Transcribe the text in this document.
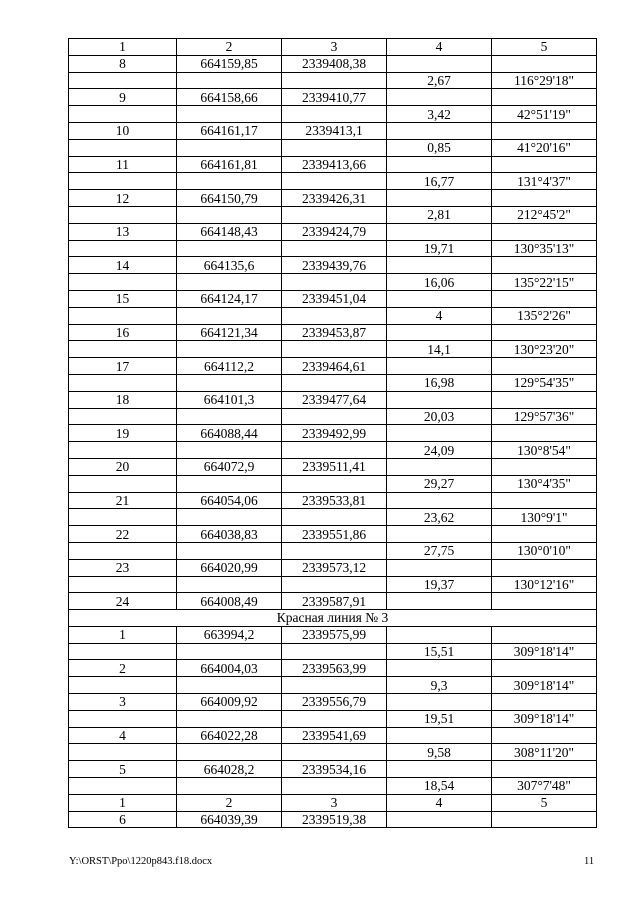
1	2	3	4	5
8	664159,85	2339408,38		
			2,67	116°29'18"
9	664158,66	2339410,77		
			3,42	42°51'19"
10	664161,17	2339413,1		
			0,85	41°20'16"
11	664161,81	2339413,66		
			16,77	131°4'37"
12	664150,79	2339426,31		
			2,81	212°45'2"
13	664148,43	2339424,79		
			19,71	130°35'13"
14	664135,6	2339439,76		
			16,06	135°22'15"
15	664124,17	2339451,04		
			4	135°2'26"
16	664121,34	2339453,87		
			14,1	130°23'20"
17	664112,2	2339464,61		
			16,98	129°54'35"
18	664101,3	2339477,64		
			20,03	129°57'36"
19	664088,44	2339492,99		
			24,09	130°8'54"
20	664072,9	2339511,41		
			29,27	130°4'35"
21	664054,06	2339533,81		
			23,62	130°9'1"
22	664038,83	2339551,86		
			27,75	130°0'10"
23	664020,99	2339573,12		
			19,37	130°12'16"
24	664008,49	2339587,91		
Красная линия № 3				
1	663994,2	2339575,99		
			15,51	309°18'14"
2	664004,03	2339563,99		
			9,3	309°18'14"
3	664009,92	2339556,79		
			19,51	309°18'14"
4	664022,28	2339541,69		
			9,58	308°11'20"
5	664028,2	2339534,16		
			18,54	307°7'48"
1	2	3	4	5
6	664039,39	2339519,38		
Y:\ORST\Ppo\1220p843.f18.docx	11
